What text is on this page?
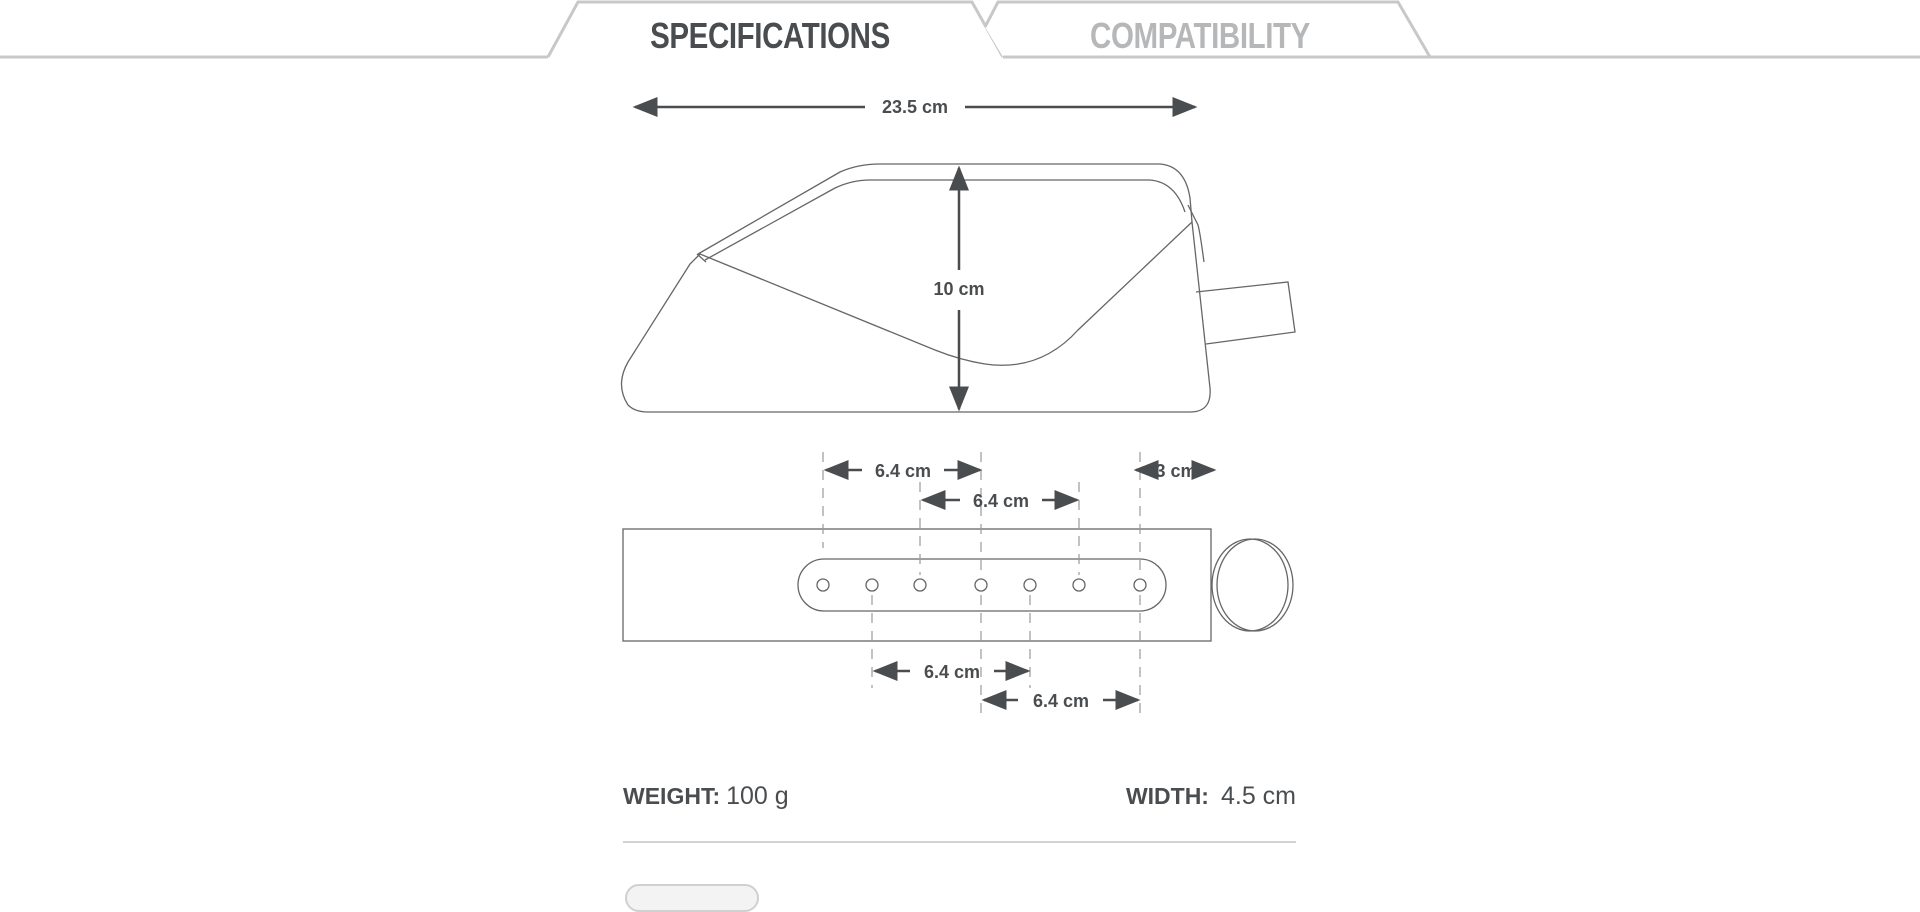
SPECIFICATIONS	COMPATIBILITY
23.5 cm
10 cm
6.4 cm
6.4 cm
3 cm
6.4 cm
6.4 cm
WEIGHT: 100 g	WIDTH: 4.5 cm
